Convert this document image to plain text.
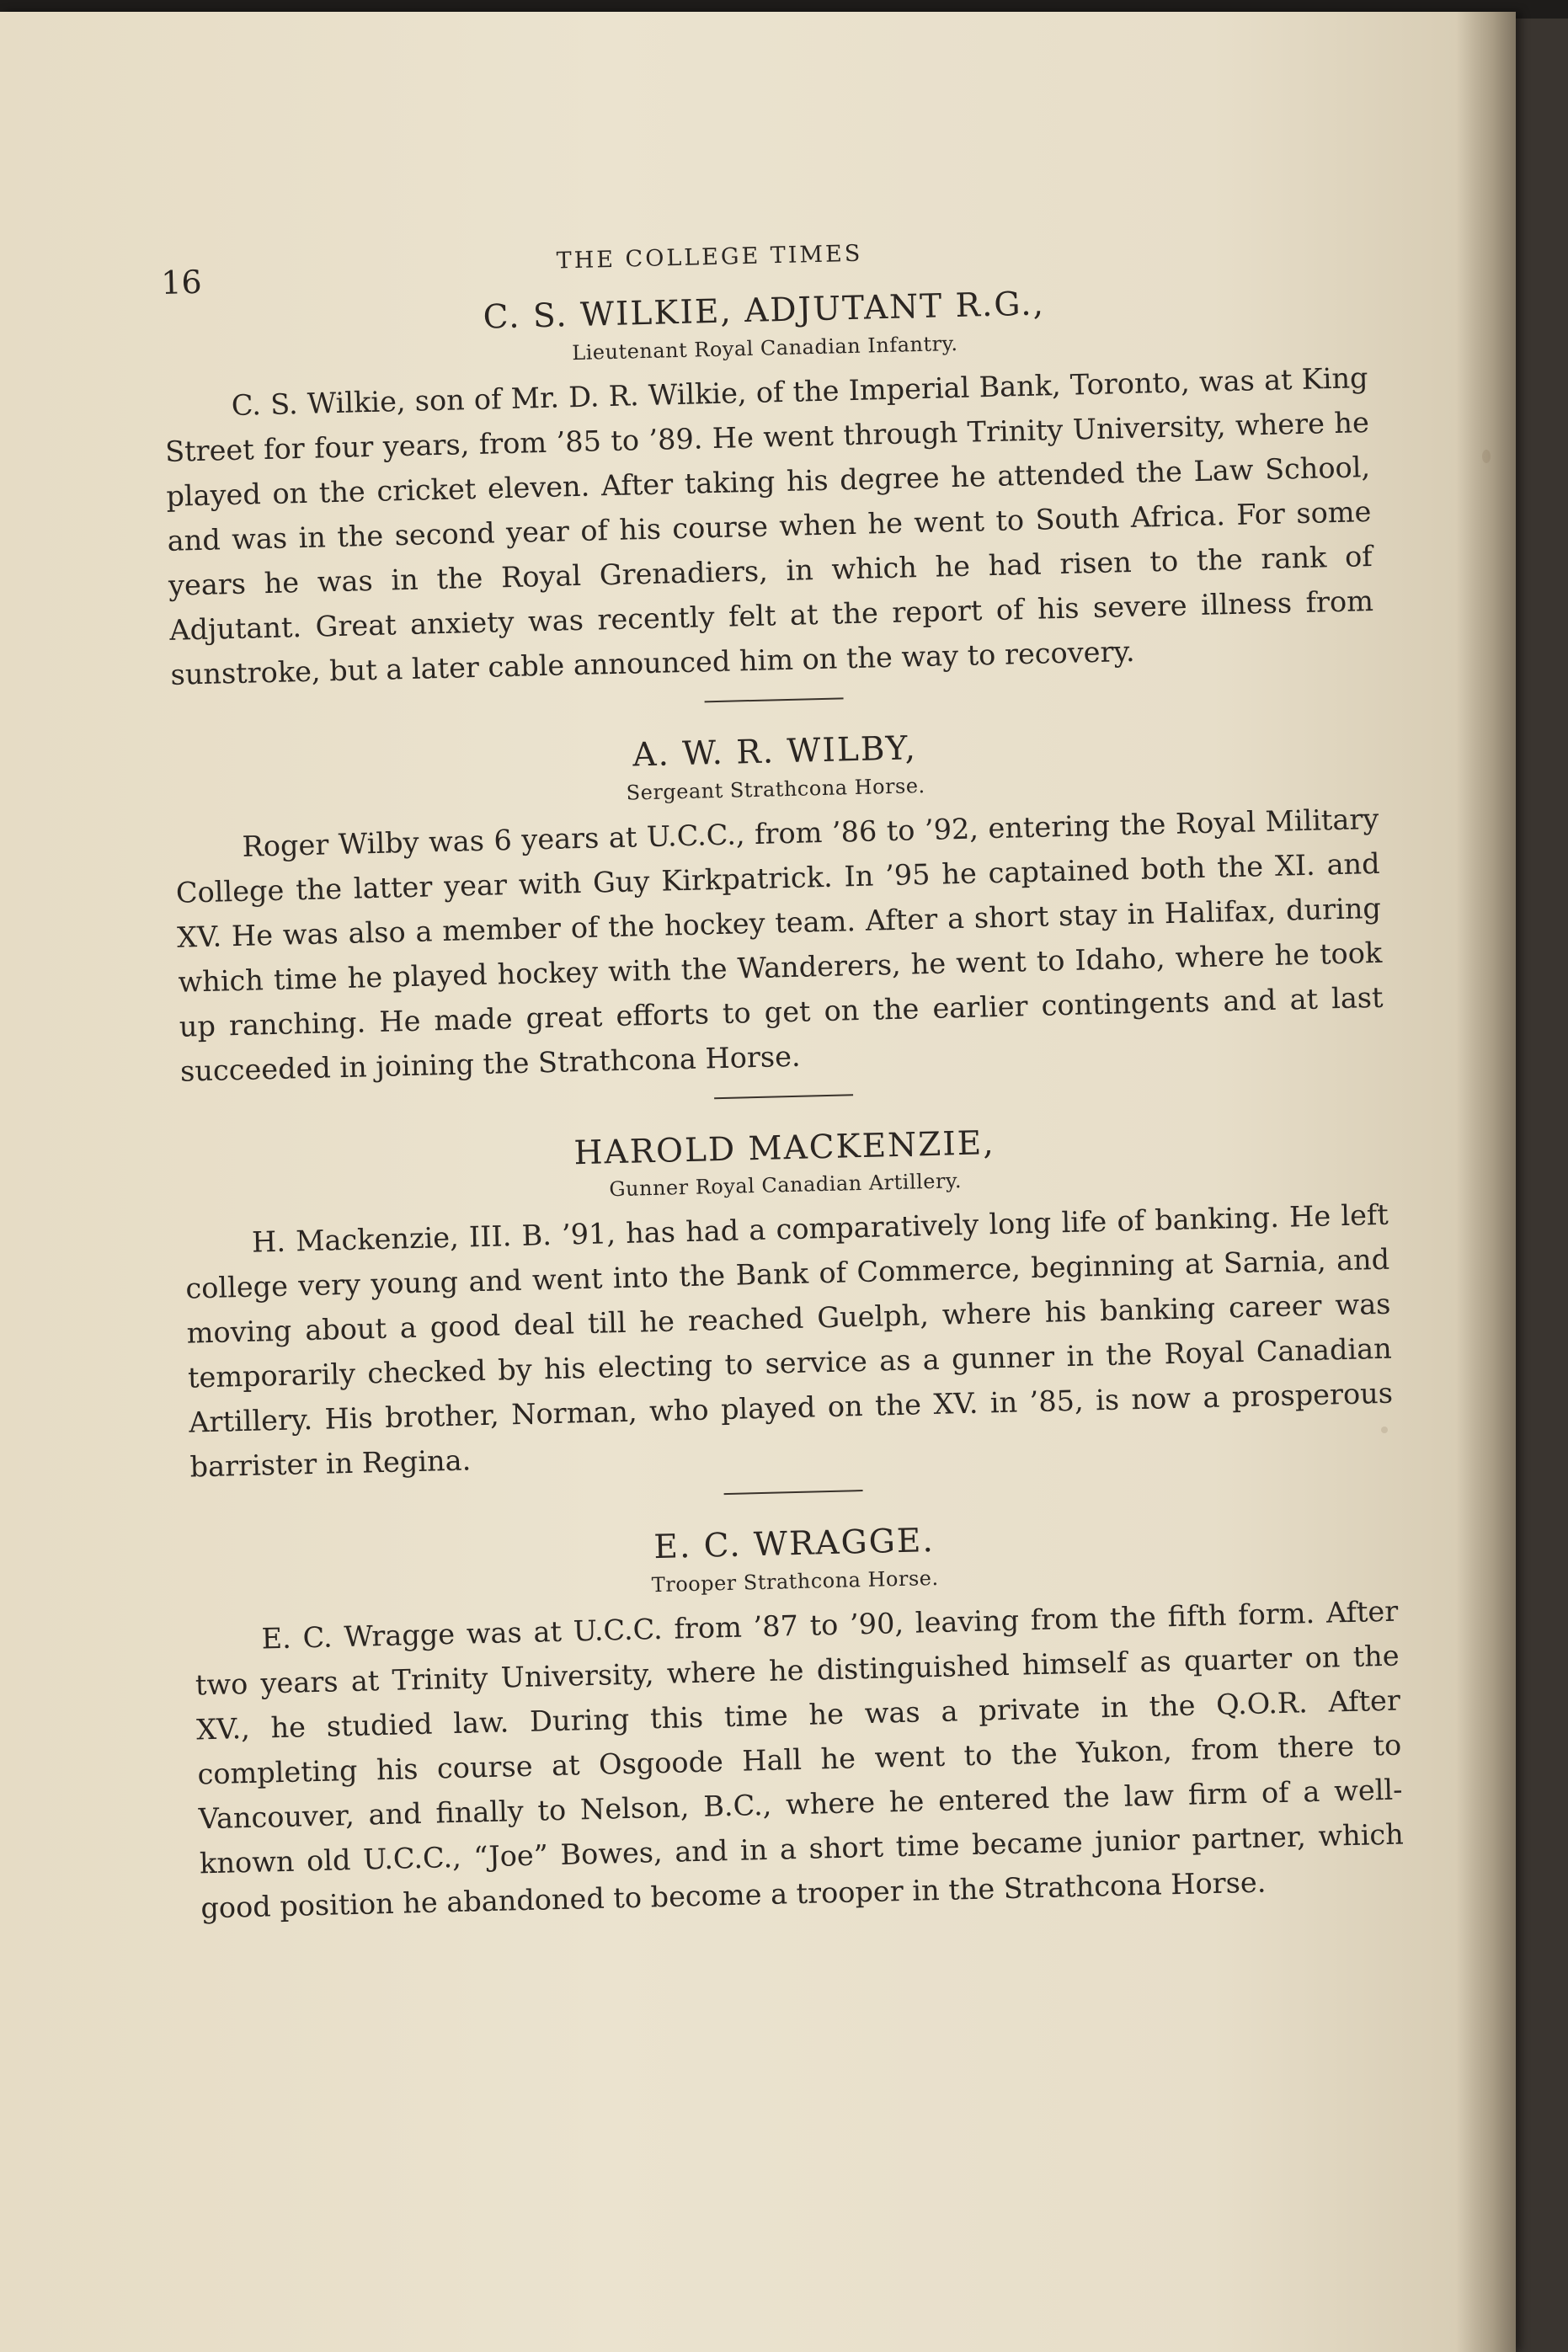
16
THE COLLEGE TIMES
C. S. WILKIE, ADJUTANT R.G.,
Lieutenant Royal Canadian Infantry.

C. S. Wilkie, son of Mr. D. R. Wilkie, of the Imperial Bank, Toronto, was at King Street for four years, from ’85 to ’89. He went through Trinity University, where he played on the cricket eleven. After taking his degree he attended the Law School, and was in the second year of his course when he went to South Africa. For some years he was in the Royal Grenadiers, in which he had risen to the rank of Adjutant. Great anxiety was recently felt at the report of his severe illness from sunstroke, but a later cable announced him on the way to recovery.

A. W. R. WILBY,
Sergeant Strathcona Horse.

Roger Wilby was 6 years at U.C.C., from ’86 to ’92, entering the Royal Military College the latter year with Guy Kirkpatrick. In ’95 he captained both the XI. and XV. He was also a member of the hockey team. After a short stay in Halifax, during which time he played hockey with the Wanderers, he went to Idaho, where he took up ranching. He made great efforts to get on the earlier contingents and at last succeeded in joining the Strathcona Horse.

HAROLD MACKENZIE,
Gunner Royal Canadian Artillery.

H. Mackenzie, III. B. ’91, has had a comparatively long life of banking. He left college very young and went into the Bank of Commerce, beginning at Sarnia, and moving about a good deal till he reached Guelph, where his banking career was temporarily checked by his electing to service as a gunner in the Royal Canadian Artillery. His brother, Norman, who played on the XV. in ’85, is now a prosperous barrister in Regina.

E. C. WRAGGE.
Trooper Strathcona Horse.

E. C. Wragge was at U.C.C. from ’87 to ’90, leaving from the fifth form. After two years at Trinity University, where he distinguished himself as quarter on the XV., he studied law. During this time he was a private in the Q.O.R. After completing his course at Osgoode Hall he went to the Yukon, from there to Vancouver, and finally to Nelson, B.C., where he entered the law firm of a well-known old U.C.C., “Joe” Bowes, and in a short time became junior partner, which good position he abandoned to become a trooper in the Strathcona Horse.
